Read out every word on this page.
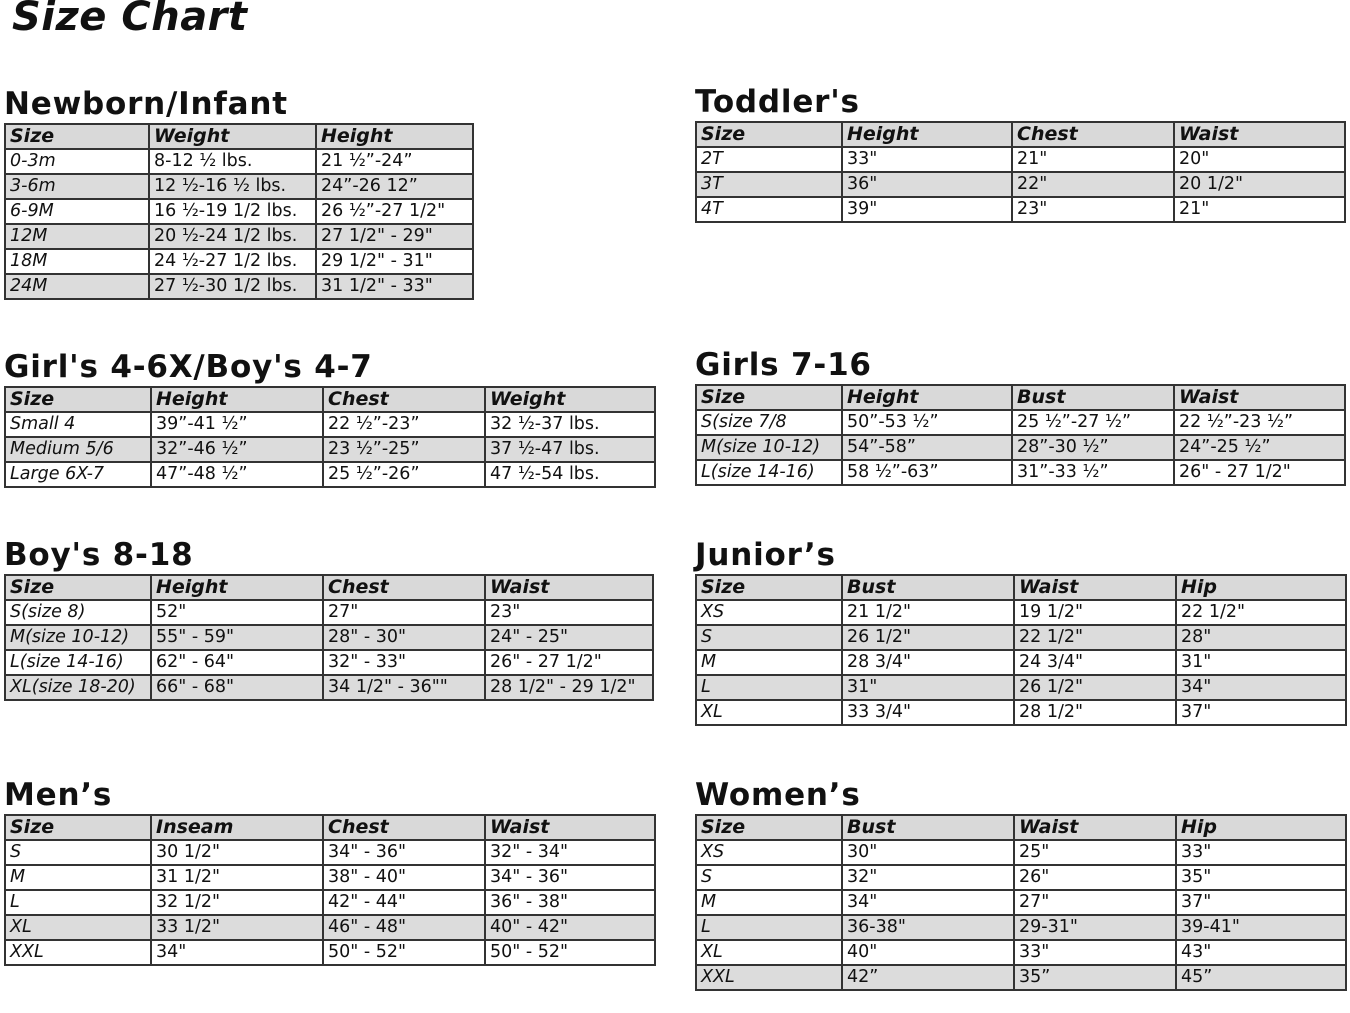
Size Chart
Newborn/Infant
Size	Weight	Height
0-3m	8-12 ½ lbs.	21 ½”-24”
3-6m	12 ½-16 ½ lbs.	24”-26 12”
6-9M	16 ½-19 1/2 lbs.	26 ½”-27 1/2"
12M	20 ½-24 1/2 lbs.	27 1/2" - 29"
18M	24 ½-27 1/2 lbs.	29 1/2" - 31"
24M	27 ½-30 1/2 lbs.	31 1/2" - 33"
Toddler's
Size	Height	Chest	Waist
2T	33"	21"	20"
3T	36"	22"	20 1/2"
4T	39"	23"	21"
Girl's 4-6X/Boy's 4-7
Size	Height	Chest	Weight
Small 4	39”-41 ½”	22 ½”-23”	32 ½-37 lbs.
Medium 5/6	32”-46 ½”	23 ½”-25”	37 ½-47 lbs.
Large 6X-7	47”-48 ½”	25 ½”-26”	47 ½-54 lbs.
Girls 7-16
Size	Height	Bust	Waist
S(size 7/8	50”-53 ½”	25 ½”-27 ½”	22 ½”-23 ½”
M(size 10-12)	54”-58”	28”-30 ½”	24”-25 ½”
L(size 14-16)	58 ½”-63”	31”-33 ½”	26" - 27 1/2"
Boy's 8-18
Size	Height	Chest	Waist
S(size 8)	52"	27"	23"
M(size 10-12)	55" - 59"	28" - 30"	24" - 25"
L(size 14-16)	62" - 64"	32" - 33"	26" - 27 1/2"
XL(size 18-20)	66" - 68"	34 1/2" - 36""	28 1/2" - 29 1/2"
Junior’s
Size	Bust	Waist	Hip
XS	21 1/2"	19 1/2"	22 1/2"
S	26 1/2"	22 1/2"	28"
M	28 3/4"	24 3/4"	31"
L	31"	26 1/2"	34"
XL	33 3/4"	28 1/2"	37"
Men’s
Size	Inseam	Chest	Waist
S	30 1/2"	34" - 36"	32" - 34"
M	31 1/2"	38" - 40"	34" - 36"
L	32 1/2"	42" - 44"	36" - 38"
XL	33 1/2"	46" - 48"	40" - 42"
XXL	34"	50" - 52"	50" - 52"
Women’s
Size	Bust	Waist	Hip
XS	30"	25"	33"
S	32"	26"	35"
M	34"	27"	37"
L	36-38"	29-31"	39-41"
XL	40"	33"	43"
XXL	42”	35”	45”
